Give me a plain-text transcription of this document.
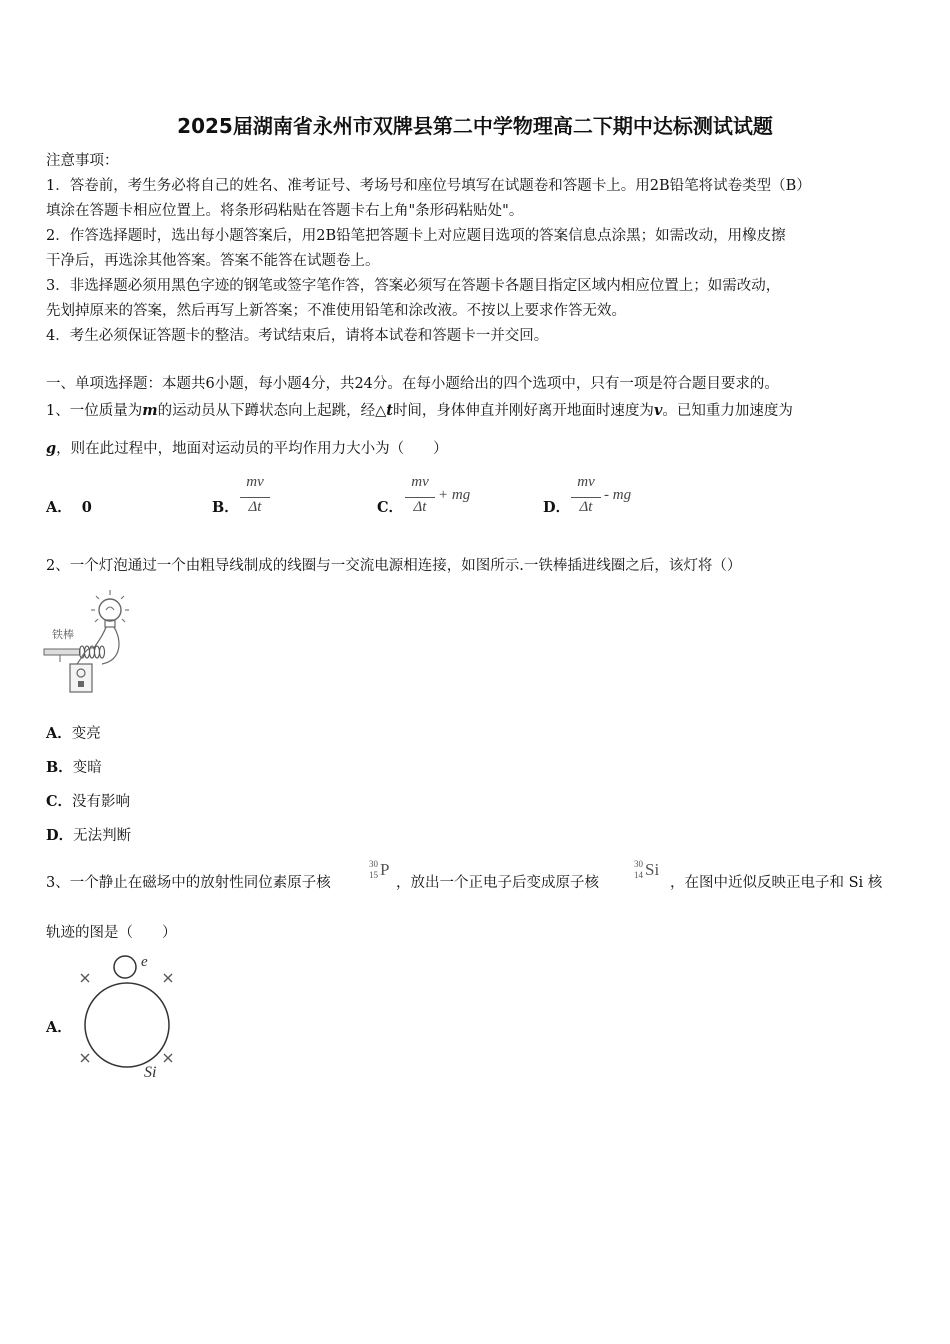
2025届湖南省永州市双牌县第二中学物理高二下期中达标测试试题
注意事项：
1．答卷前，考生务必将自己的姓名、准考证号、考场号和座位号填写在试题卷和答题卡上。用2B铅笔将试卷类型（B）
填涂在答题卡相应位置上。将条形码粘贴在答题卡右上角"条形码粘贴处"。
2．作答选择题时，选出每小题答案后，用2B铅笔把答题卡上对应题目选项的答案信息点涂黑；如需改动，用橡皮擦
干净后，再选涂其他答案。答案不能答在试题卷上。
3．非选择题必须用黑色字迹的钢笔或签字笔作答，答案必须写在答题卡各题目指定区域内相应位置上；如需改动，
先划掉原来的答案，然后再写上新答案；不准使用铅笔和涂改液。不按以上要求作答无效。
4．考生必须保证答题卡的整洁。考试结束后，请将本试卷和答题卡一并交回。
一、单项选择题：本题共6小题，每小题4分，共24分。在每小题给出的四个选项中，只有一项是符合题目要求的。
1、一位质量为m的运动员从下蹲状态向上起跳，经△t时间，身体伸直并刚好离开地面时速度为v。已知重力加速度为
g，则在此过程中，地面对运动员的平均作用力大小为（　　）
A． 0	B．
mv
Δt	C．
mv
Δt
+ mg
D．
mv
Δt
- mg
2、一个灯泡通过一个由粗导线制成的线圈与一交流电源相连接，如图所示.一铁棒插进线圈之后，该灯将（）
铁棒
A．变亮
B．变暗
C．没有影响
D．无法判断
3、一个静止在磁场中的放射性同位素原子核
30
15 P
，放出一个正电子后变成原子核
30
14 Si
，在图中近似反映正电子和 Si 核
轨迹的图是（　　）
A．
e
Si
